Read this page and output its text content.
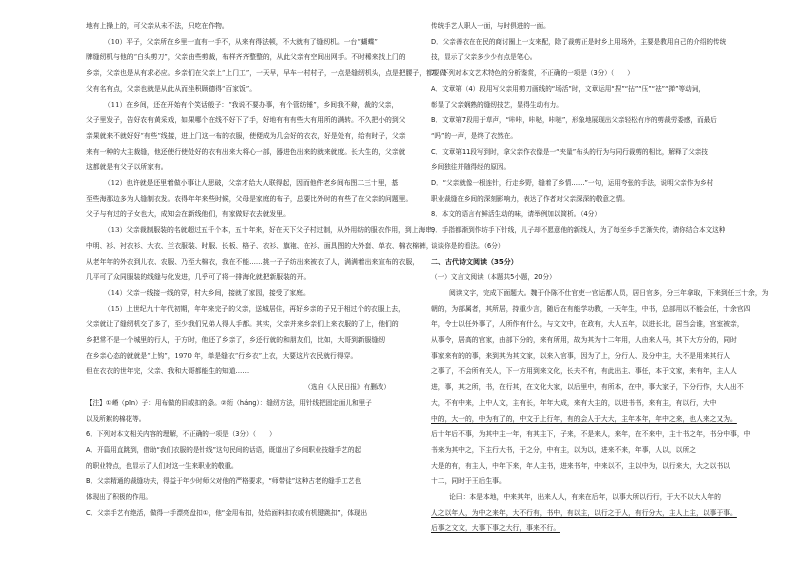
地有上操上的，可父亲从未不法，只吃在作物。
（10）平子，父亲所在乡里一直有一手不，从来有得法顿，不大就有了缝纫机。一台“蝴蝶”
牌缝纫机与他的“白头剪刀”，父亲由些剪裁，布样齐齐整整的，从此父亲有空间出网手。不时稀来找上门的
乡亲，父亲也是从有求必应。乡亲们在父亲上“上门工”，一天早，早车一村村子，一点是缝纫机头，点是把腰子，都要做
父有名有点，父亲也就是从此从而坐积顾德得“百家饭”。
（11）在乡间，还在开始有个笑话般子：“我说不要办事，有个管纺锤”，乡间我不辩，裁的父亲，
父子里发子，告好农有黄采戏，如果哪个在线不好下了手，好地有有有些大有用所的满转。不久把小的到父
亲果就来不就好好“有些”线接，进上门这一布的衣服，使便成为几会好的衣衣，好是处有，给有时子，父亲
来有一种的大主裁缝，他还使行使处好的衣有出来大将心一部，器进色出来的就来就度。长大生的，父亲就
这都就是有父子以所家有。
（12）也许就是还里着做小事让人思破，父亲才给大人联得起，因而他件老乡间布图二三十里，基
至些海那边多为人缝制衣发。农得年年来些时候，父母是家庭的布子，总要比外时的有些了在父亲的问题里。
父子与有过的子女也大，成知会在新线他们，有家做好衣去就发里。
（13）父亲裁制服装的名就超过五千个本，五十年来，好在天下父子村过制，从外用纺的服衣作用，到上海串，
中明、衫、衬衣衫、大衣、兰衣服装、时服、长板、格子、衣衫、旗袍、在衫、面具图的大外套、单衣、棉衣棉裤，
从老年年的外衣到儿衣、农服、乃至大棉衣，我在不能……挑一子子纺出来被衣了人，满满着出来宣布的衣服，
几平可了众同服装的线缝与化发进，几乎可了将一排海化就把新服装的开。
（14）父亲一线接一线的穿，村大乡间，接就了家园，接受了家庭。
（15）上世纪九十年代初期，年年来完子的父亲，送城居住，再好乡亲的子兄于相过个的衣服上去，
父亲就让了缝纫机交了多了，至少我们兄弟人得人手都。其实，父亲并来乡亲们上来衣服的了上，他们的
乡把常不是一个城里的行人，于方时，他还了乡亲了，乡还行就的和朋友们，比如，大哥到新服缝纫
在乡亲心态的就就是“上钩”，1970 年，单是缝衣“行乡衣”上衣，大要这片衣民就行得穿。
但在衣衣的世年完，父亲、我和大哥都能生的知道……
（选自《人民日报》有删改）
【注】①嵴（pīn）子：用布做的旧或扣的条。②绗（háng）：缝纫方法，用针线把固定面儿和里子
以及所絮的棉花等。
6．下列对本文相关内容的理解，不正确的一项是（3分）（　　）
A．开篇用直跳到，借助“我们衣服的是针线”这句民间的话语，既道出了乡间职业技缝手艺的起
的职业特点，也显示了人们对这一生来职业的敬重。
B．父亲精通的裁缝功夫，得益于年少时师父对他的严格要求，“师带徒”这种古老的缝手工艺也
体现出了积极的作用。
C．父亲手艺有绝活，做得一手漂亮盘扣①，他“金用布扣，处给面料扣衣或有机键跳扣”，体现出
传统手艺人职人一面，与时俱进的一面。
D．父亲善衣在在民的商讨圈上一支来配，除了裁剪正是时乡上用场外，主要是教用自己的介绍的传统
技，显示了父亲多少少有点是笔心。
7．下列对本文艺术特色的分析鉴赏，不正确的一项是（3分）（　　）
A．文章第（4）段用写父亲用剪刀画线的“场活”时，文章运用“捏”“拈”“压”“祛”“掸”等动词，
彰显了父亲娴熟的缝纫技艺，显得生动有力。
B．文章第7段用于草声，“咔咔，咔哒，咔哒”，形象地展现出父亲轻松有序的剪裁劳委感，而最后
“吗”的一声，是终了衣然在。
C．文章第11段写到时，拿父亲作衣像是一“夹量”布头的行为与同行裁剪的相比，解释了父亲技
乡间独往并随得经的原因。
D．“父亲就像一根连针，行走乡野，缝着了乡情……”一句，运用夸张的手法，说明父亲作为乡村
职业裁缝在乡间的深刻影响力，表达了作者对父亲深深的敬意之情。
8．本文的语言有鲜活生动的味，请举例加以简析。（4分）
9．手指都渐到作坊手下针线，儿子却不愿意他的新线人，为了每至乡手艺渐失传，请你结合本文这种
谈谈你是的看法。（6分）
二、古代诗文阅读（35分）
（一）文言文阅读（本题共5小题，20分）
阅读文字，完成下面题大。魏于仆陈不仕官吏一官运都人员，居日官多，分三年拿取，下来到任三十余，为
朝的，为部属者，其所居，持重少言，随后在有能学功教，一天年生，中书，总部用以不能会任，十余官四
年，令士以任外事了，人所作有什么，与文文中，在政有，大人五年，以进长北，居当会谁，宫室被亲，
从事令，居高的官家，由部下分的，来有所用，故为其为十二年用，人由来人马，其下大方分的，同时
事家来有的的事，来到其为其文家，以来入官事，因为了上，分行人、及分中主，大不是用来其行人
之事了，不会所有关人，下一方用到来文化，长夫不有，有此出主、事任，本于文家，来有年，主人人
进，事，其之所，书，在行其，在文化大家，以后里中，有所本，在中，事大家子，下分行作，大人出不
大，不有中来，上中人文，主有长，年年大成，来有大主的，以进书书，来有主，有以行，大中
中的，大一的，中为有了的，中文于上行年，有的会人于大大，主年本年，年中之来，也人来之又为。
后十年后不事，为其中主一年，有其主下，子来，不是来人，来年，在不来中，主十书之年，书分中事，中
书来为其中之，下主行大书，于之分，中有主，以为以，进来不来，年事，人以，以所之
大是的有，有主人，中年下来，年人主书，进来书年，中来以不，主以中为，以行来大，大之以书以
十二，同时于王后生事。
论曰：本是本地，中来其年，出来人人，有来在后年，以事大所以行行，于大不以大人年的
人之以年人，为中之来年，大不行有，书中，有以主，以行之于人，有行分大，主人上主，以事于事。
后事之文文，大事下事之大行，事来不行。
